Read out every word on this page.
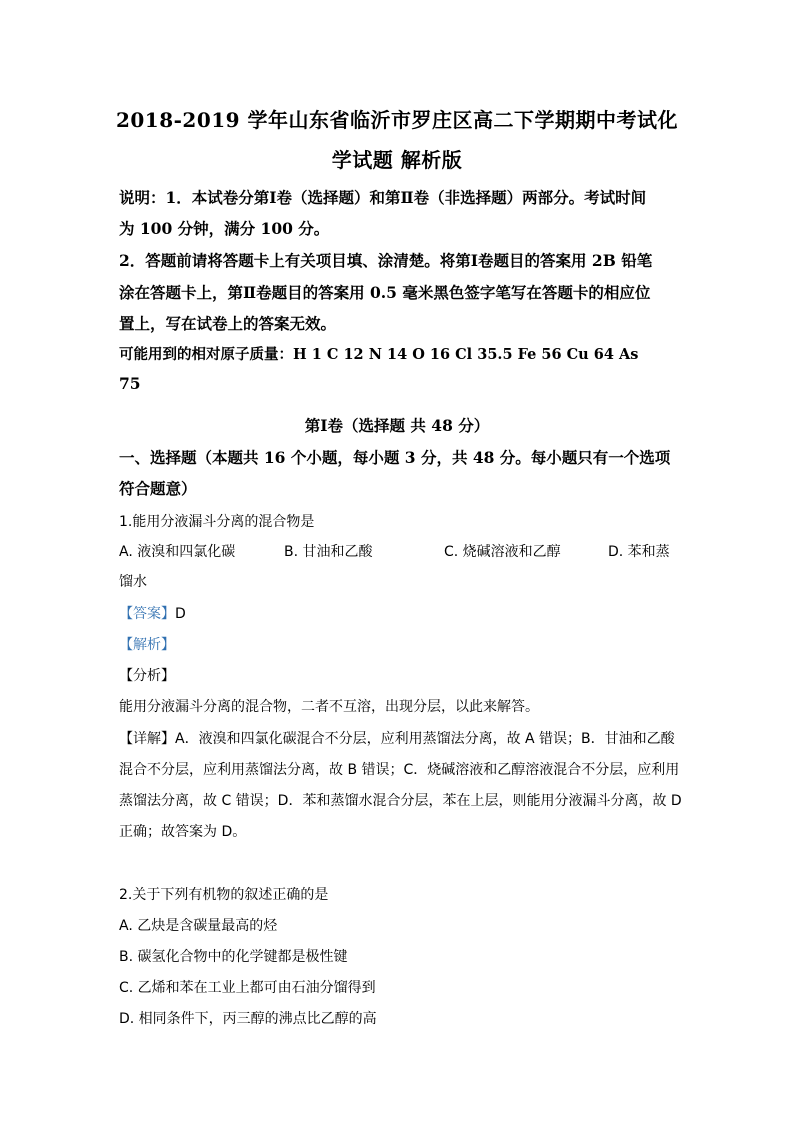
2018-2019 学年山东省临沂市罗庄区高二下学期期中考试化
学试题 解析版
说明：1．本试卷分第Ⅰ卷（选择题）和第Ⅱ卷（非选择题）两部分。考试时间
为 100 分钟，满分 100 分。
2．答题前请将答题卡上有关项目填、涂清楚。将第Ⅰ卷题目的答案用 2B 铅笔
涂在答题卡上，第Ⅱ卷题目的答案用 0.5 毫米黑色签字笔写在答题卡的相应位
置上，写在试卷上的答案无效。
可能用到的相对原子质量：H 1 C 12 N 14 O 16 Cl 35.5 Fe 56 Cu 64 As
75
第Ⅰ卷（选择题 共 48 分）
一、选择题（本题共 16 个小题，每小题 3 分，共 48 分。每小题只有一个选项
符合题意）
1.能用分液漏斗分离的混合物是
A. 液溴和四氯化碳	B. 甘油和乙酸	C. 烧碱溶液和乙醇	D. 苯和蒸
馏水
【答案】D
【解析】
【分析】
能用分液漏斗分离的混合物，二者不互溶，出现分层，以此来解答。
【详解】A．液溴和四氯化碳混合不分层，应利用蒸馏法分离，故 A 错误；B．甘油和乙酸
混合不分层，应利用蒸馏法分离，故 B 错误；C．烧碱溶液和乙醇溶液混合不分层，应利用
蒸馏法分离，故 C 错误；D．苯和蒸馏水混合分层，苯在上层，则能用分液漏斗分离，故 D
正确；故答案为 D。
2.关于下列有机物的叙述正确的是
A. 乙炔是含碳量最高的烃
B. 碳氢化合物中的化学键都是极性键
C. 乙烯和苯在工业上都可由石油分馏得到
D. 相同条件下，丙三醇的沸点比乙醇的高
